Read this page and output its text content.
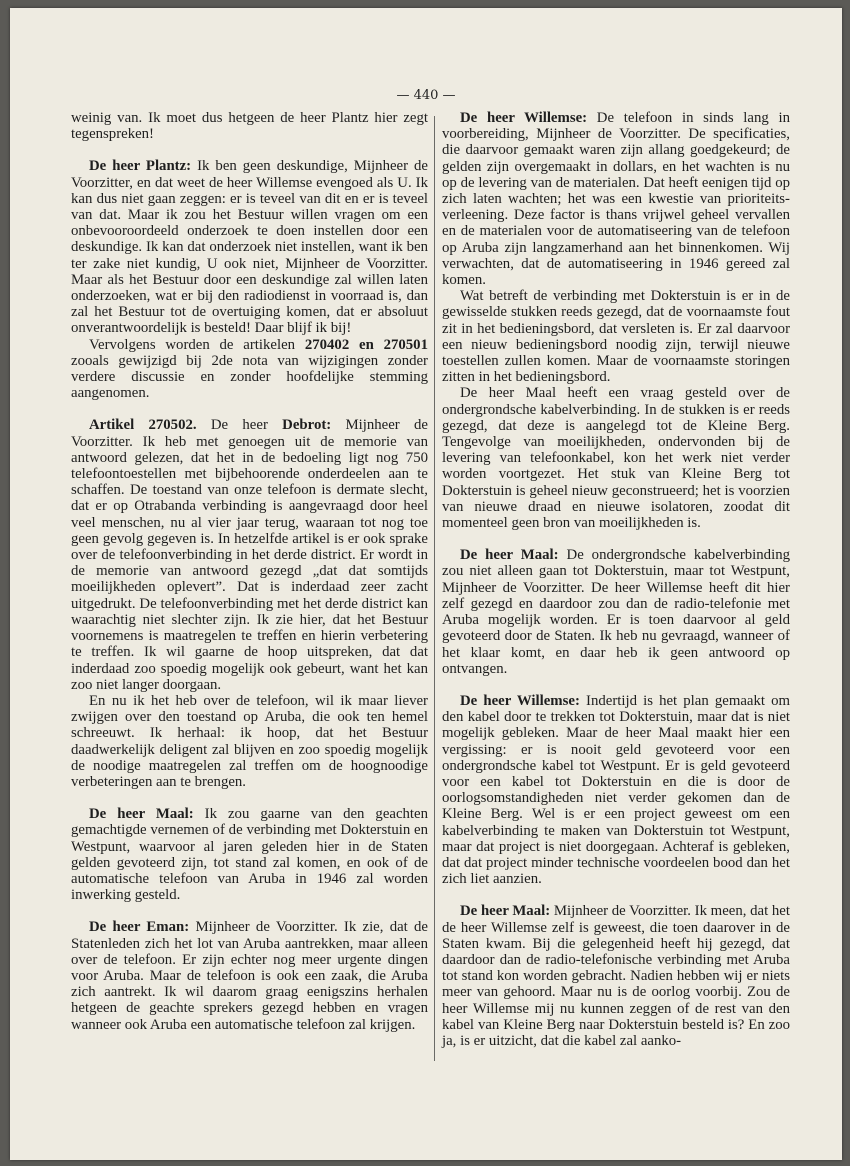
— 440 —

weinig van. Ik moet dus hetgeen de heer Plantz hier zegt tegenspreken!

De heer Plantz: Ik ben geen deskundige, Mijnheer de Voorzitter, en dat weet de heer Willemse evengoed als U. Ik kan dus niet gaan zeggen: er is teveel van dit en er is teveel van dat. Maar ik zou het Bestuur willen vragen om een onbevooroordeeld onderzoek te doen instellen door een deskundige. Ik kan dat onderzoek niet instellen, want ik ben ter zake niet kundig, U ook niet, Mijnheer de Voorzitter. Maar als het Bestuur door een deskundige zal willen laten onderzoeken, wat er bij den radiodienst in voorraad is, dan zal het Bestuur tot de overtuiging komen, dat er absoluut onverantwoordelijk is besteld! Daar blijf ik bij!

Vervolgens worden de artikelen 270402 en 270501 zooals gewijzigd bij 2de nota van wijzigingen zonder verdere discussie en zonder hoofdelijke stemming aangenomen.

Artikel 270502. De heer Debrot: Mijnheer de Voorzitter. Ik heb met genoegen uit de memorie van antwoord gelezen, dat het in de bedoeling ligt nog 750 telefoontoestellen met bijbehoorende onderdeelen aan te schaffen. De toestand van onze telefoon is dermate slecht, dat er op Otrabanda verbinding is aangevraagd door heel veel menschen, nu al vier jaar terug, waaraan tot nog toe geen gevolg gegeven is. In hetzelfde artikel is er ook sprake over de telefoonverbinding in het derde district. Er wordt in de memorie van antwoord gezegd „dat dat somtijds moeilijkheden oplevert”. Dat is inderdaad zeer zacht uitgedrukt. De telefoonverbinding met het derde district kan waarachtig niet slechter zijn. Ik zie hier, dat het Bestuur voornemens is maatregelen te treffen en hierin verbetering te treffen. Ik wil gaarne de hoop uitspreken, dat dat inderdaad zoo spoedig mogelijk ook gebeurt, want het kan zoo niet langer doorgaan.

En nu ik het heb over de telefoon, wil ik maar liever zwijgen over den toestand op Aruba, die ook ten hemel schreeuwt. Ik herhaal: ik hoop, dat het Bestuur daadwerkelijk deligent zal blijven en zoo spoedig mogelijk de noodige maatregelen zal treffen om de hoognoodige verbeteringen aan te brengen.

De heer Maal: Ik zou gaarne van den geachten gemachtigde vernemen of de verbinding met Dokterstuin en Westpunt, waarvoor al jaren geleden hier in de Staten gelden gevoteerd zijn, tot stand zal komen, en ook of de automatische telefoon van Aruba in 1946 zal worden inwerking gesteld.

De heer Eman: Mijnheer de Voorzitter. Ik zie, dat de Statenleden zich het lot van Aruba aantrekken, maar alleen over de telefoon. Er zijn echter nog meer urgente dingen voor Aruba. Maar de telefoon is ook een zaak, die Aruba zich aantrekt. Ik wil daarom graag eenigszins herhalen hetgeen de geachte sprekers gezegd hebben en vragen wanneer ook Aruba een automatische telefoon zal krijgen.

De heer Willemse: De telefoon in sinds lang in voorbereiding, Mijnheer de Voorzitter. De specificaties, die daarvoor gemaakt waren zijn allang goedgekeurd; de gelden zijn overgemaakt in dollars, en het wachten is nu op de levering van de materialen. Dat heeft eenigen tijd op zich laten wachten; het was een kwestie van prioriteits-verleening. Deze factor is thans vrijwel geheel vervallen en de materialen voor de automatiseering van de telefoon op Aruba zijn langzamerhand aan het binnenkomen. Wij verwachten, dat de automatiseering in 1946 gereed zal komen.

Wat betreft de verbinding met Dokterstuin is er in de gewisselde stukken reeds gezegd, dat de voornaamste fout zit in het bedieningsbord, dat versleten is. Er zal daarvoor een nieuw bedieningsbord noodig zijn, terwijl nieuwe toestellen zullen komen. Maar de voornaamste storingen zitten in het bedieningsbord.

De heer Maal heeft een vraag gesteld over de ondergrondsche kabelverbinding. In de stukken is er reeds gezegd, dat deze is aangelegd tot de Kleine Berg. Tengevolge van moeilijkheden, ondervonden bij de levering van telefoonkabel, kon het werk niet verder worden voortgezet. Het stuk van Kleine Berg tot Dokterstuin is geheel nieuw geconstrueerd; het is voorzien van nieuwe draad en nieuwe isolatoren, zoodat dit momenteel geen bron van moeilijkheden is.

De heer Maal: De ondergrondsche kabelverbinding zou niet alleen gaan tot Dokterstuin, maar tot Westpunt, Mijnheer de Voorzitter. De heer Willemse heeft dit hier zelf gezegd en daardoor zou dan de radio-telefonie met Aruba mogelijk worden. Er is toen daarvoor al geld gevoteerd door de Staten. Ik heb nu gevraagd, wanneer of het klaar komt, en daar heb ik geen antwoord op ontvangen.

De heer Willemse: Indertijd is het plan gemaakt om den kabel door te trekken tot Dokterstuin, maar dat is niet mogelijk gebleken. Maar de heer Maal maakt hier een vergissing: er is nooit geld gevoteerd voor een ondergrondsche kabel tot Westpunt. Er is geld gevoteerd voor een kabel tot Dokterstuin en die is door de oorlogsomstandigheden niet verder gekomen dan de Kleine Berg. Wel is er een project geweest om een kabelverbinding te maken van Dokterstuin tot Westpunt, maar dat project is niet doorgegaan. Achteraf is gebleken, dat dat project minder technische voordeelen bood dan het zich liet aanzien.

De heer Maal: Mijnheer de Voorzitter. Ik meen, dat het de heer Willemse zelf is geweest, die toen daarover in de Staten kwam. Bij die gelegenheid heeft hij gezegd, dat daardoor dan de radio-telefonische verbinding met Aruba tot stand kon worden gebracht. Nadien hebben wij er niets meer van gehoord. Maar nu is de oorlog voorbij. Zou de heer Willemse mij nu kunnen zeggen of de rest van den kabel van Kleine Berg naar Dokterstuin besteld is? En zoo ja, is er uitzicht, dat die kabel zal aanko-
